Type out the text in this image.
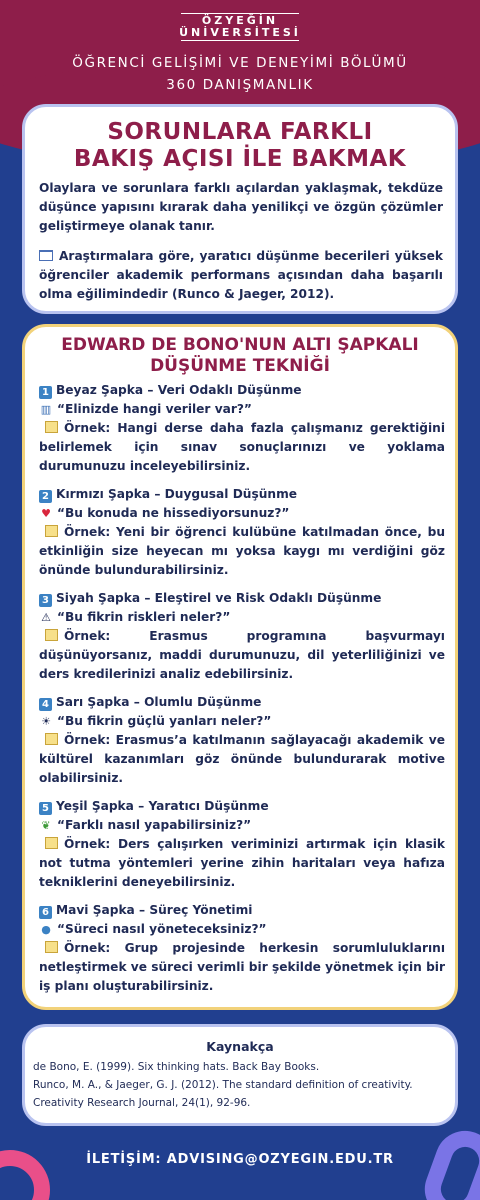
ÖZYEĞİN
ÜNİVERSİTESİ
ÖĞRENCİ GELİŞİMİ VE DENEYİMİ BÖLÜMÜ
360 DANIŞMANLIK
SORUNLARA FARKLI
BAKIŞ AÇISI İLE BAKMAK
Olaylara ve sorunlara farklı açılardan yaklaşmak, tekdüze düşünce yapısını kırarak daha yenilikçi ve özgün çözümler geliştirmeye olanak tanır.
Araştırmalara göre, yaratıcı düşünme becerileri yüksek öğrenciler akademik performans açısından daha başarılı olma eğilimindedir (Runco & Jaeger, 2012).
EDWARD DE BONO'NUN ALTI ŞAPKALI
DÜŞÜNME TEKNİĞİ
1 Beyaz Şapka – Veri Odaklı Düşünme
▥ “Elinizde hangi veriler var?”
Örnek: Hangi derse daha fazla çalışmanız gerektiğini belirlemek için sınav sonuçlarınızı ve yoklama durumunuzu inceleyebilirsiniz.
2 Kırmızı Şapka – Duygusal Düşünme
♥ “Bu konuda ne hissediyorsunuz?”
Örnek: Yeni bir öğrenci kulübüne katılmadan önce, bu etkinliğin size heyecan mı yoksa kaygı mı verdiğini göz önünde bulundurabilirsiniz.
3 Siyah Şapka – Eleştirel ve Risk Odaklı Düşünme
⚠ “Bu fikrin riskleri neler?”
Örnek: Erasmus programına başvurmayı düşünüyorsanız, maddi durumunuzu, dil yeterliliğinizi ve ders kredilerinizi analiz edebilirsiniz.
4 Sarı Şapka – Olumlu Düşünme
☀ “Bu fikrin güçlü yanları neler?”
Örnek: Erasmus’a katılmanın sağlayacağı akademik ve kültürel kazanımları göz önünde bulundurarak motive olabilirsiniz.
5 Yeşil Şapka – Yaratıcı Düşünme
❦ “Farklı nasıl yapabilirsiniz?”
Örnek: Ders çalışırken veriminizi artırmak için klasik not tutma yöntemleri yerine zihin haritaları veya hafıza tekniklerini deneyebilirsiniz.
6 Mavi Şapka – Süreç Yönetimi
● “Süreci nasıl yöneteceksiniz?”
Örnek: Grup projesinde herkesin sorumluluklarını netleştirmek ve süreci verimli bir şekilde yönetmek için bir iş planı oluşturabilirsiniz.
Kaynakça
de Bono, E. (1999). Six thinking hats. Back Bay Books.
Runco, M. A., & Jaeger, G. J. (2012). The standard definition of creativity.
Creativity Research Journal, 24(1), 92-96.
İLETİŞİM: ADVISING@OZYEGIN.EDU.TR
